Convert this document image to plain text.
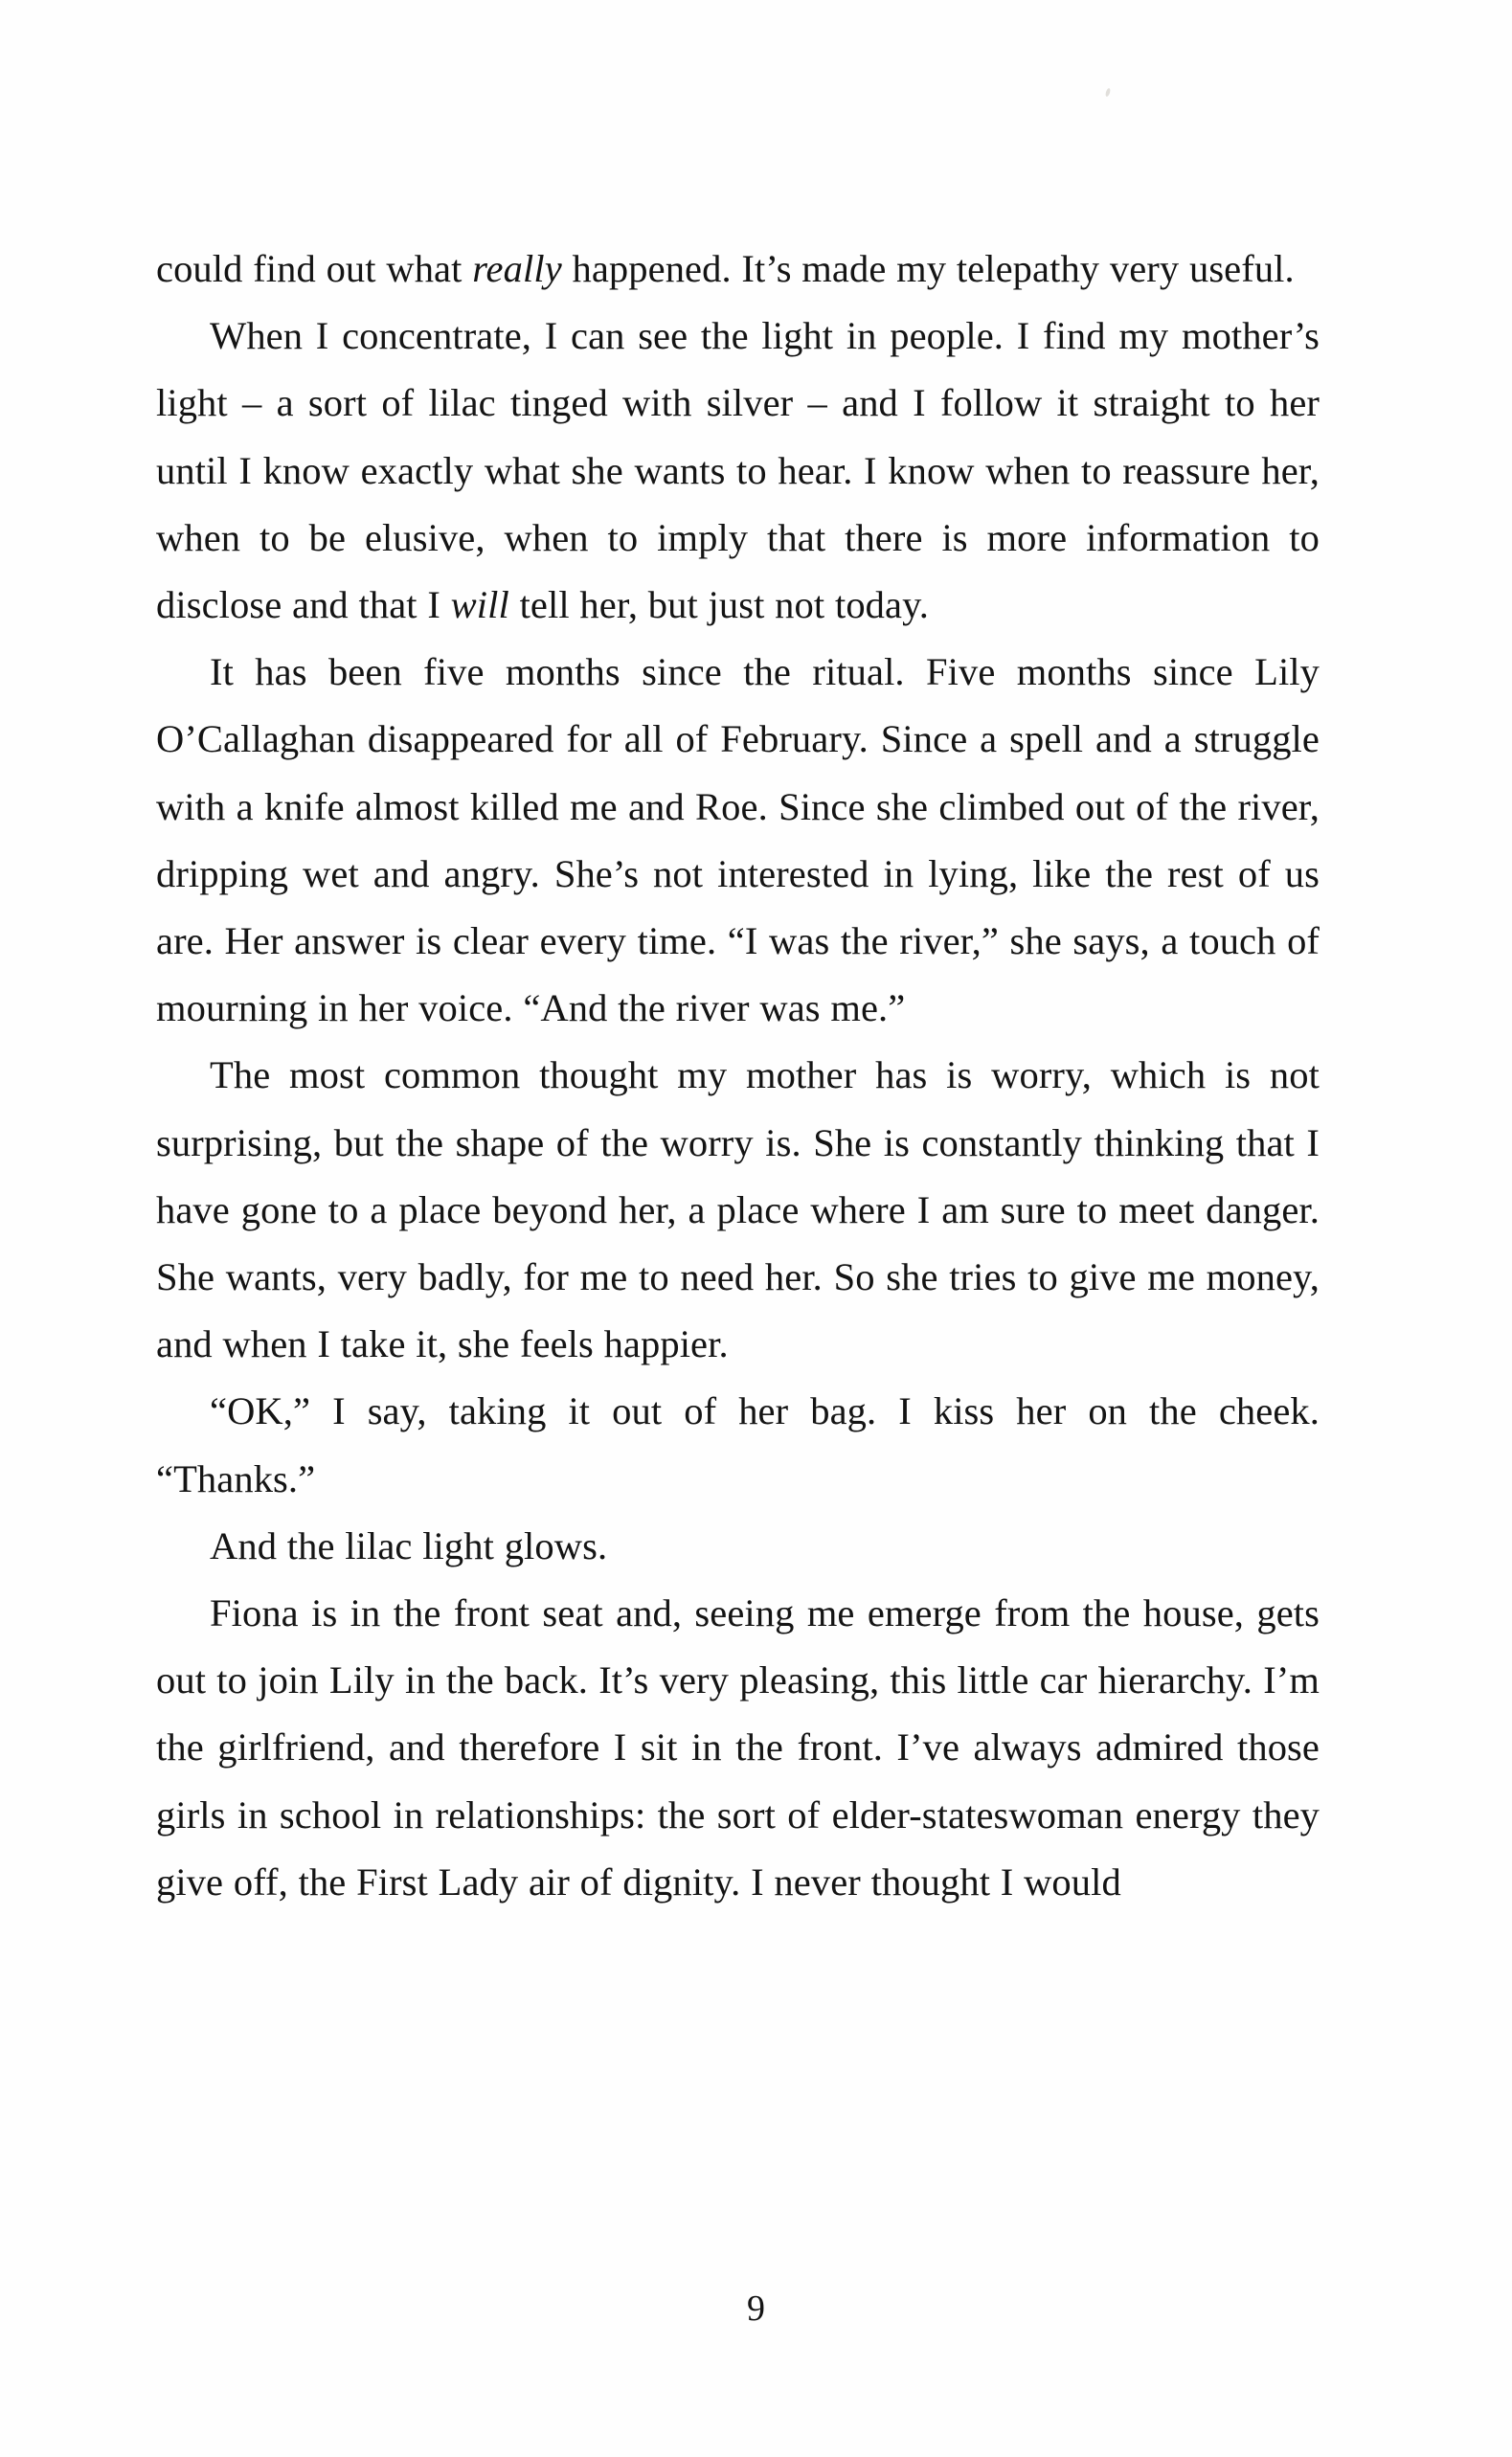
could find out what really happened. It’s made my telepathy very useful.

When I concentrate, I can see the light in people. I find my mother’s light – a sort of lilac tinged with silver – and I follow it straight to her until I know exactly what she wants to hear. I know when to reassure her, when to be elusive, when to imply that there is more information to disclose and that I will tell her, but just not today.

It has been five months since the ritual. Five months since Lily O’Callaghan disappeared for all of February. Since a spell and a struggle with a knife almost killed me and Roe. Since she climbed out of the river, dripping wet and angry. She’s not interested in lying, like the rest of us are. Her answer is clear every time. “I was the river,” she says, a touch of mourning in her voice. “And the river was me.”

The most common thought my mother has is worry, which is not surprising, but the shape of the worry is. She is constantly thinking that I have gone to a place beyond her, a place where I am sure to meet danger. She wants, very badly, for me to need her. So she tries to give me money, and when I take it, she feels happier.

“OK,” I say, taking it out of her bag. I kiss her on the cheek. “Thanks.”

And the lilac light glows.

Fiona is in the front seat and, seeing me emerge from the house, gets out to join Lily in the back. It’s very pleasing, this little car hierarchy. I’m the girlfriend, and therefore I sit in the front. I’ve always admired those girls in school in relationships: the sort of elder-stateswoman energy they give off, the First Lady air of dignity. I never thought I would

9
